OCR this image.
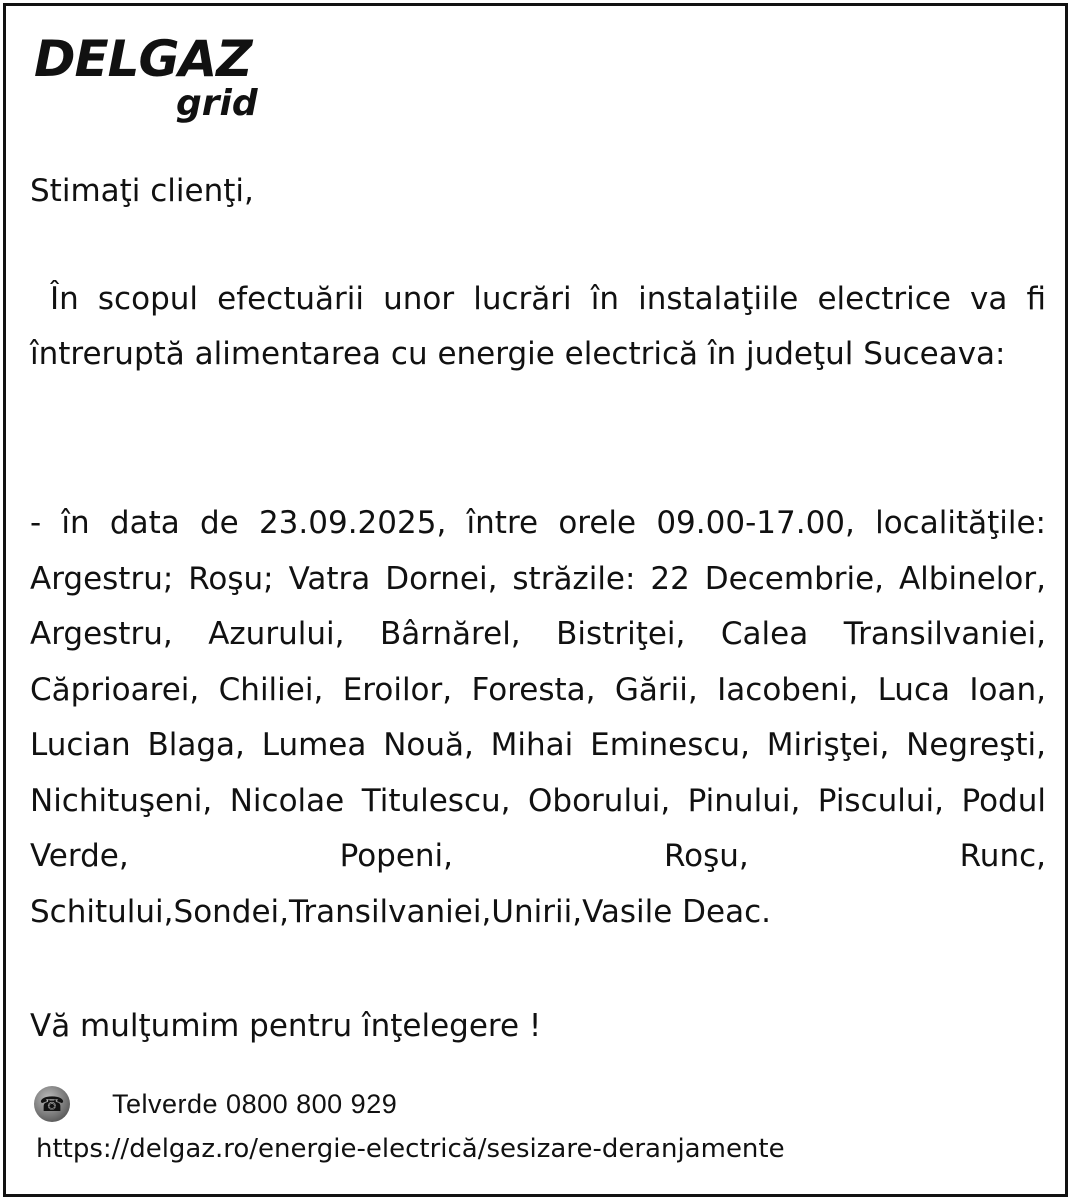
DELGAZ
grid
Stimaţi clienţi,
În scopul efectuării unor lucrări în instalaţiile electrice va fi întreruptă alimentarea cu energie electrică în judeţul Suceava:
- în data de 23.09.2025, între orele 09.00-17.00, localităţile: Argestru; Roşu; Vatra Dornei, străzile: 22 Decembrie, Albinelor, Argestru, Azurului, Bârnărel, Bistriţei, Calea Transilvaniei, Căprioarei, Chiliei, Eroilor, Foresta, Gării, Iacobeni, Luca Ioan, Lucian Blaga, Lumea Nouă, Mihai Eminescu, Mirişţei, Negreşti, Nichituşeni, Nicolae Titulescu, Oborului, Pinului, Piscului, Podul Verde, Popeni, Roşu, Runc, Schitului,Sondei,Transilvaniei,Unirii,Vasile Deac.
Vă mulţumim pentru înţelegere !
☎ Telverde 0800 800 929
https://delgaz.ro/energie-electrică/sesizare-deranjamente
